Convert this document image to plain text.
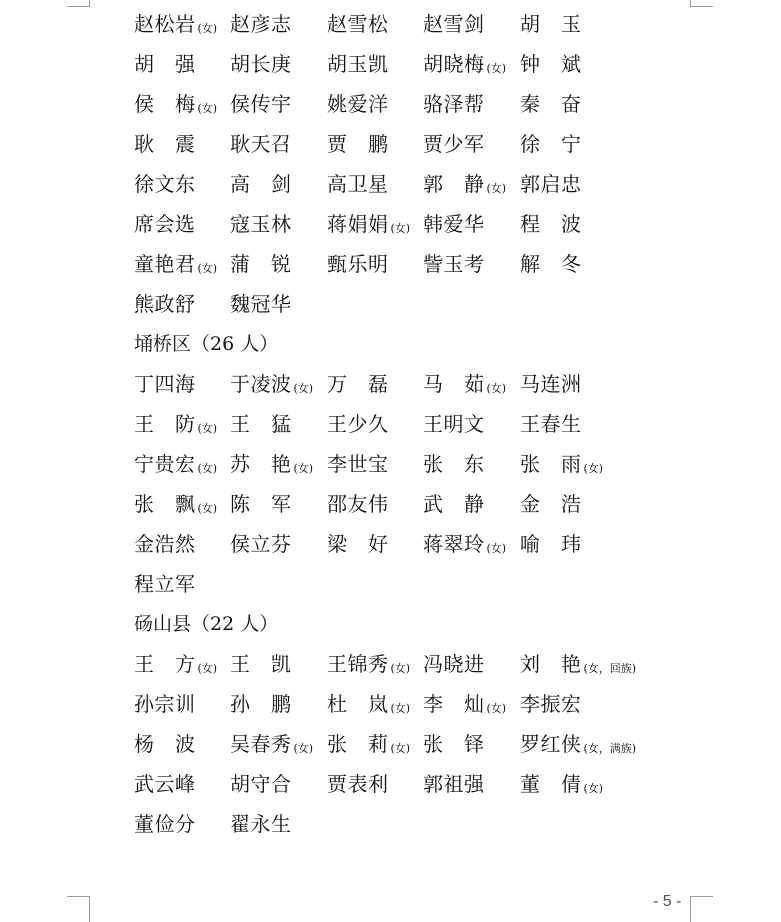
赵松岩 (女) 赵彦志 赵雪松 赵雪剑 胡　玉
胡　强 胡长庚 胡玉凯 胡晓梅 (女) 钟　斌
侯　梅 (女) 侯传宇 姚爱洋 骆泽帮 秦　奋
耿　震 耿天召 贾　鹏 贾少军 徐　宁
徐文东 高　剑 高卫星 郭　静 (女) 郭启忠
席会选 寇玉林 蒋娟娟 (女) 韩爱华 程　波
童艳君 (女) 蒲　锐 甄乐明 訾玉考 解　冬
熊政舒 魏冠华
埇桥区（26 人）
丁四海 于凌波 (女) 万　磊 马　茹 (女) 马连洲
王　防 (女) 王　猛 王少久 王明文 王春生
宁贵宏 (女) 苏　艳 (女) 李世宝 张　东 张　雨 (女)
张　飘 (女) 陈　军 邵友伟 武　静 金　浩
金浩然 侯立芬 梁　好 蒋翠玲 (女) 喻　玮
程立军
砀山县（22 人）
王　方 (女) 王　凯 王锦秀 (女) 冯晓进 刘　艳 (女，回族)
孙宗训 孙　鹏 杜　岚 (女) 李　灿 (女) 李振宏
杨　波 吴春秀 (女) 张　莉 (女) 张　铎 罗红侠 (女，满族)
武云峰 胡守合 贾表利 郭祖强 董　倩 (女)
董俭分 翟永生
- 5 -
